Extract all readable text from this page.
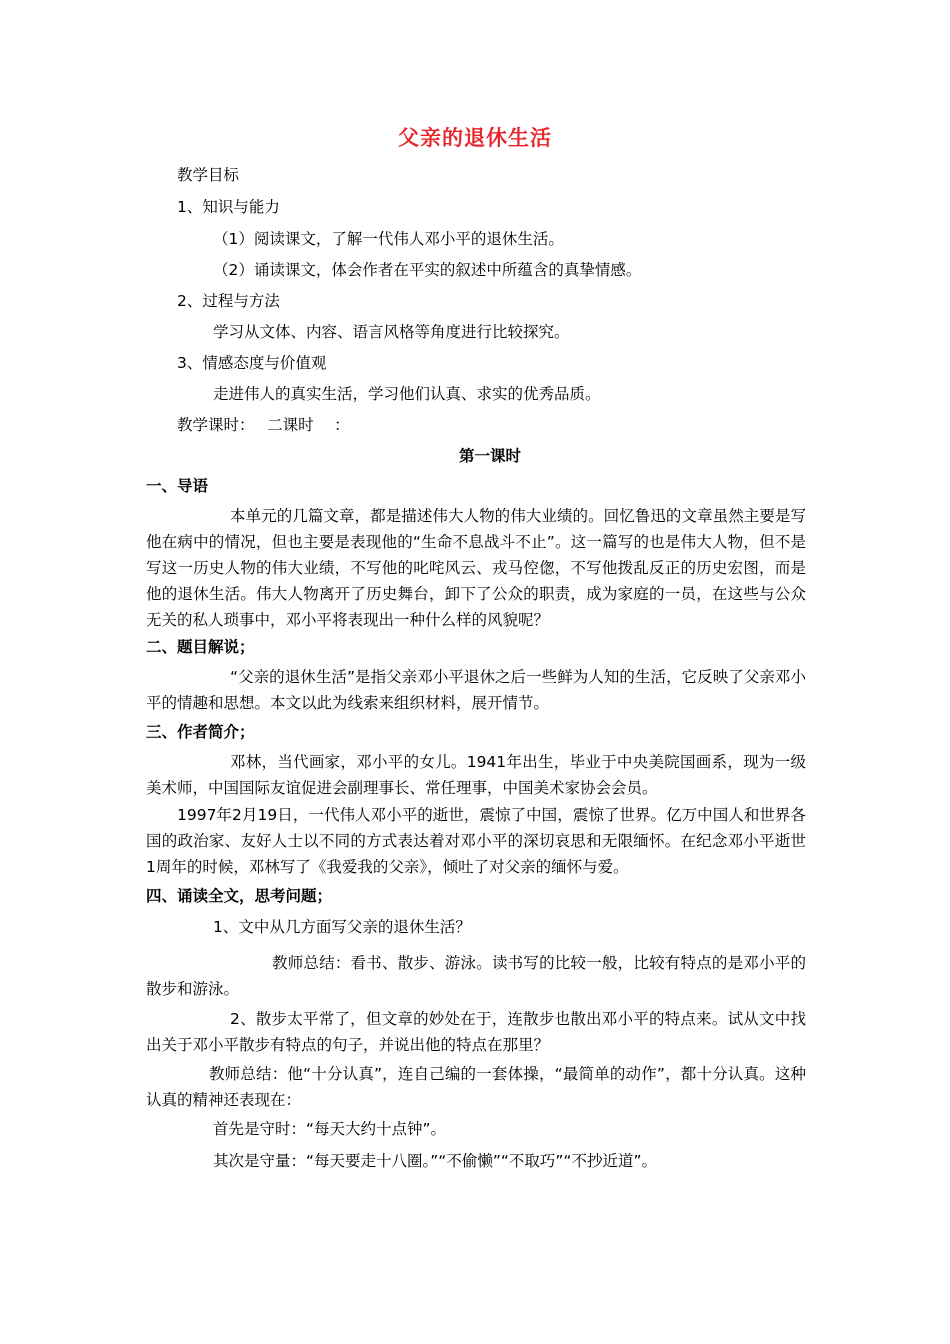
父亲的退休生活

教学目标

1、知识与能力

（1）阅读课文，了解一代伟人邓小平的退休生活。

（2）诵读课文，体会作者在平实的叙述中所蕴含的真挚情感。

2、过程与方法

学习从文体、内容、语言风格等角度进行比较探究。

3、情感态度与价值观

走进伟人的真实生活，学习他们认真、求实的优秀品质。

教学课时：　 二课时　 ：

第一课时

一、导语

本单元的几篇文章，都是描述伟大人物的伟大业绩的。回忆鲁迅的文章虽然主要是写他在病中的情况，但也主要是表现他的“生命不息战斗不止”。这一篇写的也是伟大人物，但不是写这一历史人物的伟大业绩，不写他的叱咤风云、戎马倥偬，不写他拨乱反正的历史宏图，而是他的退休生活。伟大人物离开了历史舞台，卸下了公众的职责，成为家庭的一员，在这些与公众无关的私人琐事中，邓小平将表现出一种什么样的风貌呢？

二、题目解说；

“父亲的退休生活”是指父亲邓小平退休之后一些鲜为人知的生活，它反映了父亲邓小平的情趣和思想。本文以此为线索来组织材料，展开情节。

三、作者简介；

邓林，当代画家，邓小平的女儿。1941年出生，毕业于中央美院国画系，现为一级美术师，中国国际友谊促进会副理事长、常任理事，中国美术家协会会员。

1997年2月19日，一代伟人邓小平的逝世，震惊了中国，震惊了世界。亿万中国人和世界各国的政治家、友好人士以不同的方式表达着对邓小平的深切哀思和无限缅怀。在纪念邓小平逝世1周年的时候，邓林写了《我爱我的父亲》，倾吐了对父亲的缅怀与爱。

四、诵读全文，思考问题；

1、文中从几方面写父亲的退休生活？

教师总结：看书、散步、游泳。读书写的比较一般，比较有特点的是邓小平的散步和游泳。

2、散步太平常了，但文章的妙处在于，连散步也散出邓小平的特点来。试从文中找出关于邓小平散步有特点的句子，并说出他的特点在那里？

教师总结：他“十分认真”，连自己编的一套体操，“最简单的动作”，都十分认真。这种认真的精神还表现在：

首先是守时：“每天大约十点钟”。

其次是守量：“每天要走十八圈。”“不偷懒”“不取巧”“不抄近道”。
